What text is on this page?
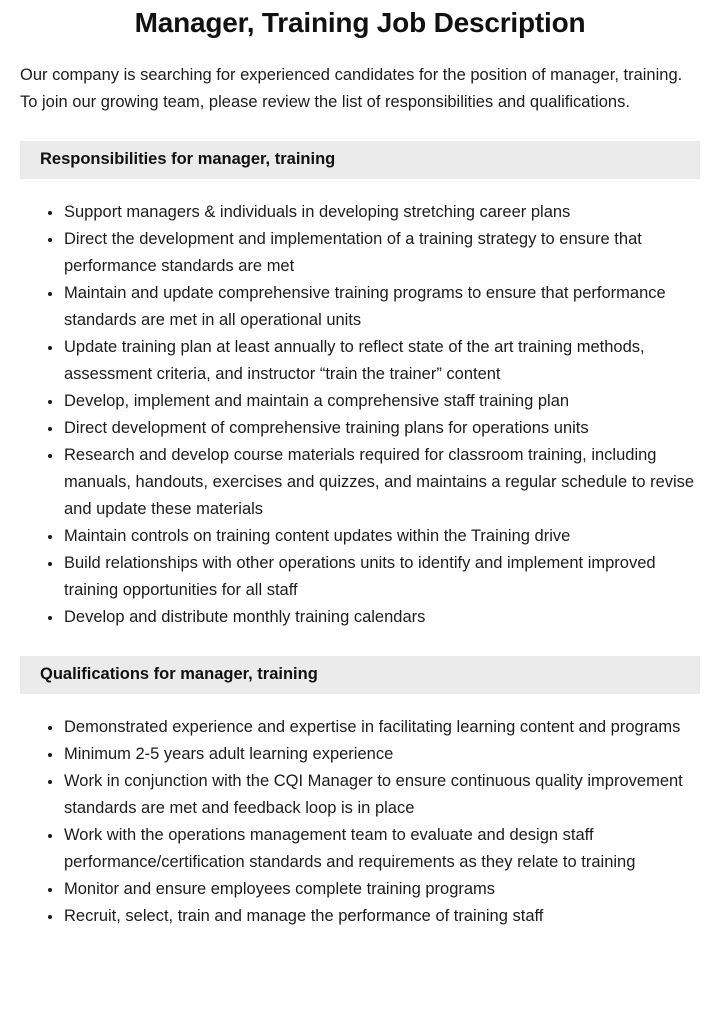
Manager, Training Job Description

Our company is searching for experienced candidates for the position of manager, training. To join our growing team, please review the list of responsibilities and qualifications.

Responsibilities for manager, training
• Support managers & individuals in developing stretching career plans
• Direct the development and implementation of a training strategy to ensure that performance standards are met
• Maintain and update comprehensive training programs to ensure that performance standards are met in all operational units
• Update training plan at least annually to reflect state of the art training methods, assessment criteria, and instructor “train the trainer” content
• Develop, implement and maintain a comprehensive staff training plan
• Direct development of comprehensive training plans for operations units
• Research and develop course materials required for classroom training, including manuals, handouts, exercises and quizzes, and maintains a regular schedule to revise and update these materials
• Maintain controls on training content updates within the Training drive
• Build relationships with other operations units to identify and implement improved training opportunities for all staff
• Develop and distribute monthly training calendars
Qualifications for manager, training
• Demonstrated experience and expertise in facilitating learning content and programs
• Minimum 2-5 years adult learning experience
• Work in conjunction with the CQI Manager to ensure continuous quality improvement standards are met and feedback loop is in place
• Work with the operations management team to evaluate and design staff performance/certification standards and requirements as they relate to training
• Monitor and ensure employees complete training programs
• Recruit, select, train and manage the performance of training staff
